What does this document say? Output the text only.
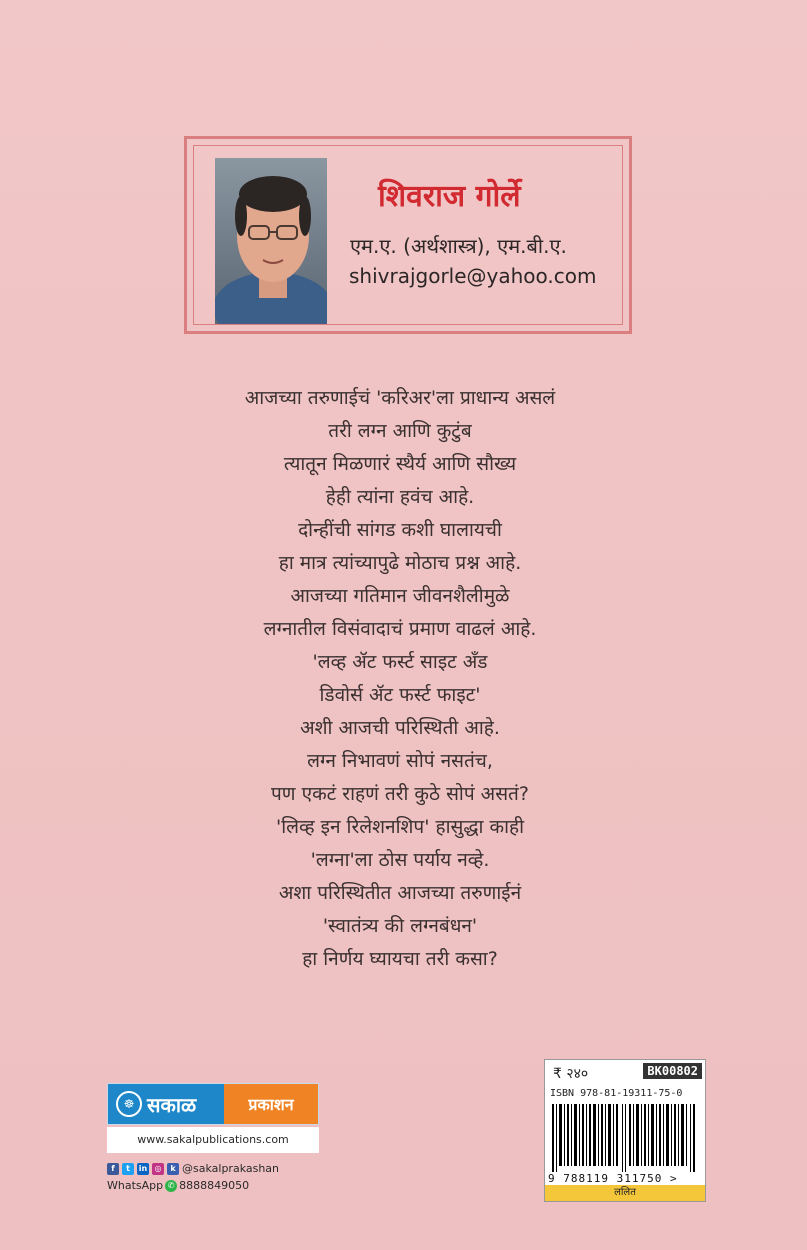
शिवराज गोर्ले
एम.ए. (अर्थशास्त्र), एम.बी.ए.
shivrajgorle@yahoo.com
आजच्या तरुणाईचं 'करिअर'ला प्राधान्य असलं
तरी लग्न आणि कुटुंब
त्यातून मिळणारं स्थैर्य आणि सौख्य
हेही त्यांना हवंच आहे.
दोन्हींची सांगड कशी घालायची
हा मात्र त्यांच्यापुढे मोठाच प्रश्न आहे.
आजच्या गतिमान जीवनशैलीमुळे
लग्नातील विसंवादाचं प्रमाण वाढलं आहे.
'लव्ह ॲट फर्स्ट साइट अँड
डिवोर्स ॲट फर्स्ट फाइट'
अशी आजची परिस्थिती आहे.
लग्न निभावणं सोपं नसतंच,
पण एकटं राहणं तरी कुठे सोपं असतं?
'लिव्ह इन रिलेशनशिप' हासुद्धा काही
'लग्ना'ला ठोस पर्याय नव्हे.
अशा परिस्थितीत आजच्या तरुणाईनं
'स्वातंत्र्य की लग्नबंधन'
हा निर्णय घ्यायचा तरी कसा?
☸ सकाळ	प्रकाशन
www.sakalpublications.com
f	t	in ◎	k @sakalprakashan
WhatsApp ✆ 8888849050
₹ २४०	BK00802
ISBN 978-81-19311-75-0
9 788119 311750 >
ललित
